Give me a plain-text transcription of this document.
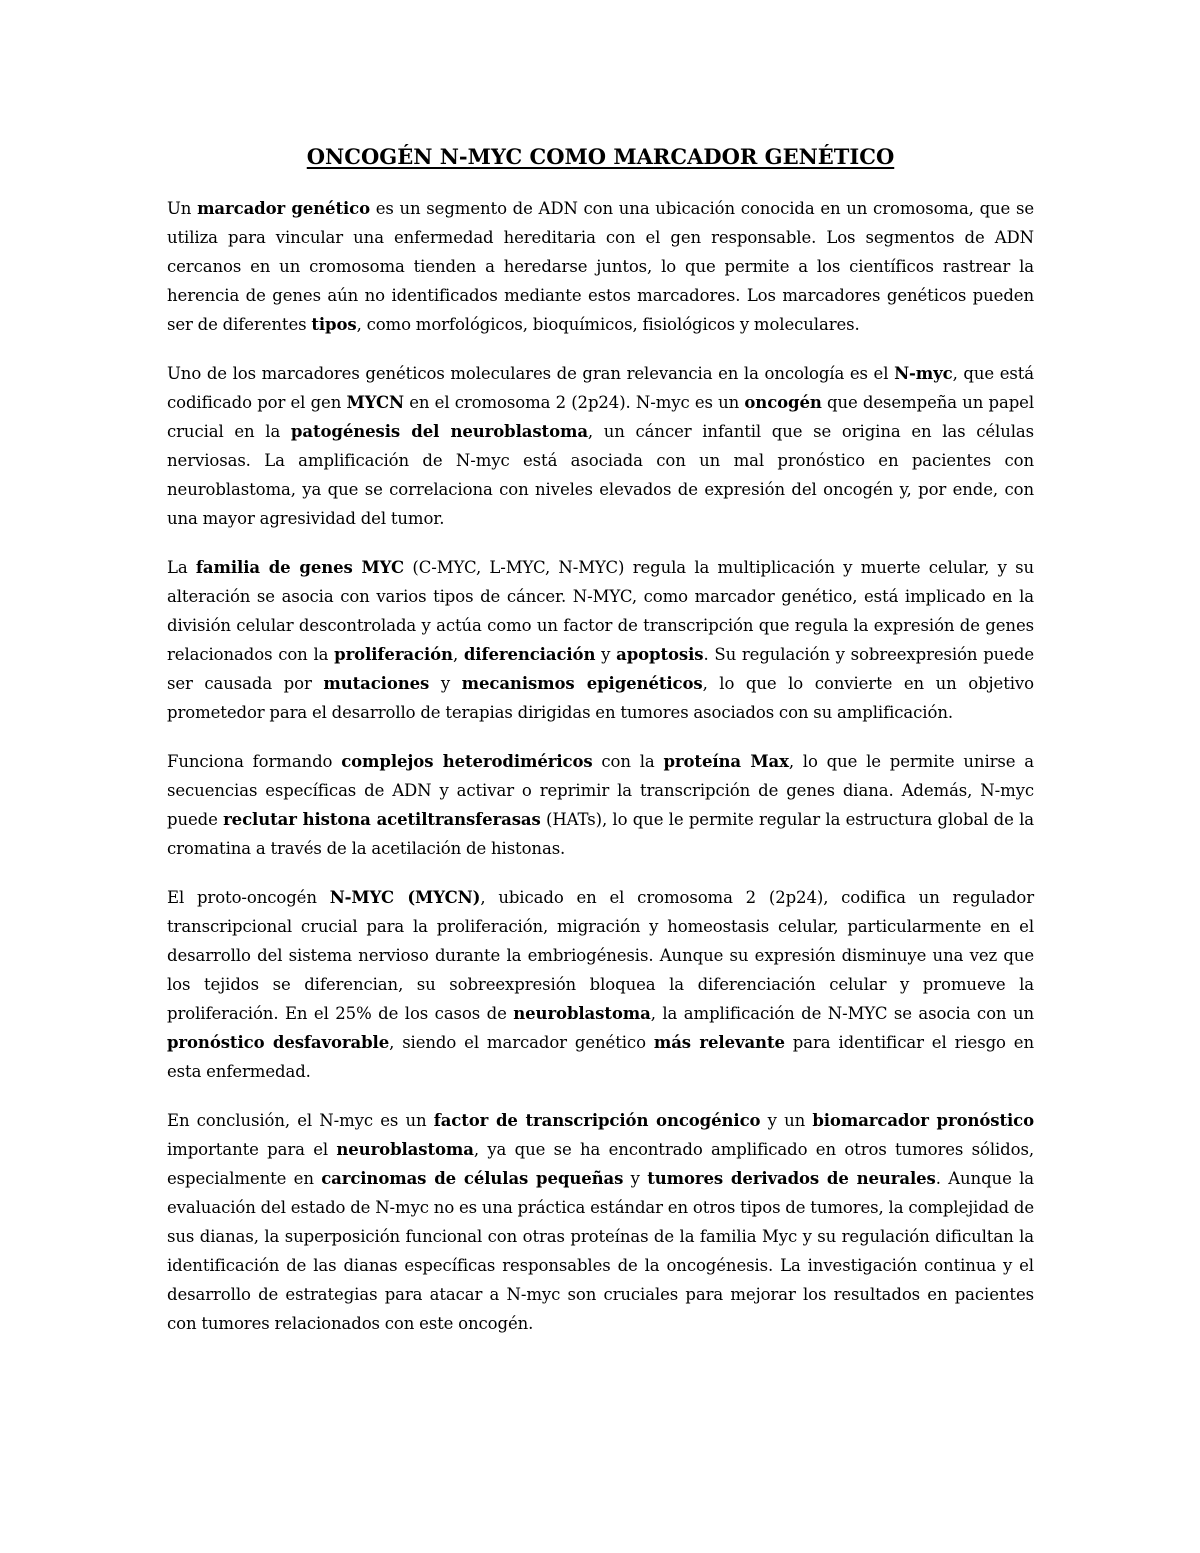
ONCOGÉN N-MYC COMO MARCADOR GENÉTICO

Un marcador genético es un segmento de ADN con una ubicación conocida en un cromosoma, que se utiliza para vincular una enfermedad hereditaria con el gen responsable. Los segmentos de ADN cercanos en un cromosoma tienden a heredarse juntos, lo que permite a los científicos rastrear la herencia de genes aún no identificados mediante estos marcadores. Los marcadores genéticos pueden ser de diferentes tipos, como morfológicos, bioquímicos, fisiológicos y moleculares.

Uno de los marcadores genéticos moleculares de gran relevancia en la oncología es el N-myc, que está codificado por el gen MYCN en el cromosoma 2 (2p24). N-myc es un oncogén que desempeña un papel crucial en la patogénesis del neuroblastoma, un cáncer infantil que se origina en las células nerviosas. La amplificación de N-myc está asociada con un mal pronóstico en pacientes con neuroblastoma, ya que se correlaciona con niveles elevados de expresión del oncogén y, por ende, con una mayor agresividad del tumor.

La familia de genes MYC (C-MYC, L-MYC, N-MYC) regula la multiplicación y muerte celular, y su alteración se asocia con varios tipos de cáncer. N-MYC, como marcador genético, está implicado en la división celular descontrolada y actúa como un factor de transcripción que regula la expresión de genes relacionados con la proliferación, diferenciación y apoptosis. Su regulación y sobreexpresión puede ser causada por mutaciones y mecanismos epigenéticos, lo que lo convierte en un objetivo prometedor para el desarrollo de terapias dirigidas en tumores asociados con su amplificación.

Funciona formando complejos heterodiméricos con la proteína Max, lo que le permite unirse a secuencias específicas de ADN y activar o reprimir la transcripción de genes diana. Además, N-myc puede reclutar histona acetiltransferasas (HATs), lo que le permite regular la estructura global de la cromatina a través de la acetilación de histonas.

El proto-oncogén N-MYC (MYCN), ubicado en el cromosoma 2 (2p24), codifica un regulador transcripcional crucial para la proliferación, migración y homeostasis celular, particularmente en el desarrollo del sistema nervioso durante la embriogénesis. Aunque su expresión disminuye una vez que los tejidos se diferencian, su sobreexpresión bloquea la diferenciación celular y promueve la proliferación. En el 25% de los casos de neuroblastoma, la amplificación de N-MYC se asocia con un pronóstico desfavorable, siendo el marcador genético más relevante para identificar el riesgo en esta enfermedad.

En conclusión, el N-myc es un factor de transcripción oncogénico y un biomarcador pronóstico importante para el neuroblastoma, ya que se ha encontrado amplificado en otros tumores sólidos, especialmente en carcinomas de células pequeñas y tumores derivados de neurales. Aunque la evaluación del estado de N-myc no es una práctica estándar en otros tipos de tumores, la complejidad de sus dianas, la superposición funcional con otras proteínas de la familia Myc y su regulación dificultan la identificación de las dianas específicas responsables de la oncogénesis. La investigación continua y el desarrollo de estrategias para atacar a N-myc son cruciales para mejorar los resultados en pacientes con tumores relacionados con este oncogén.
